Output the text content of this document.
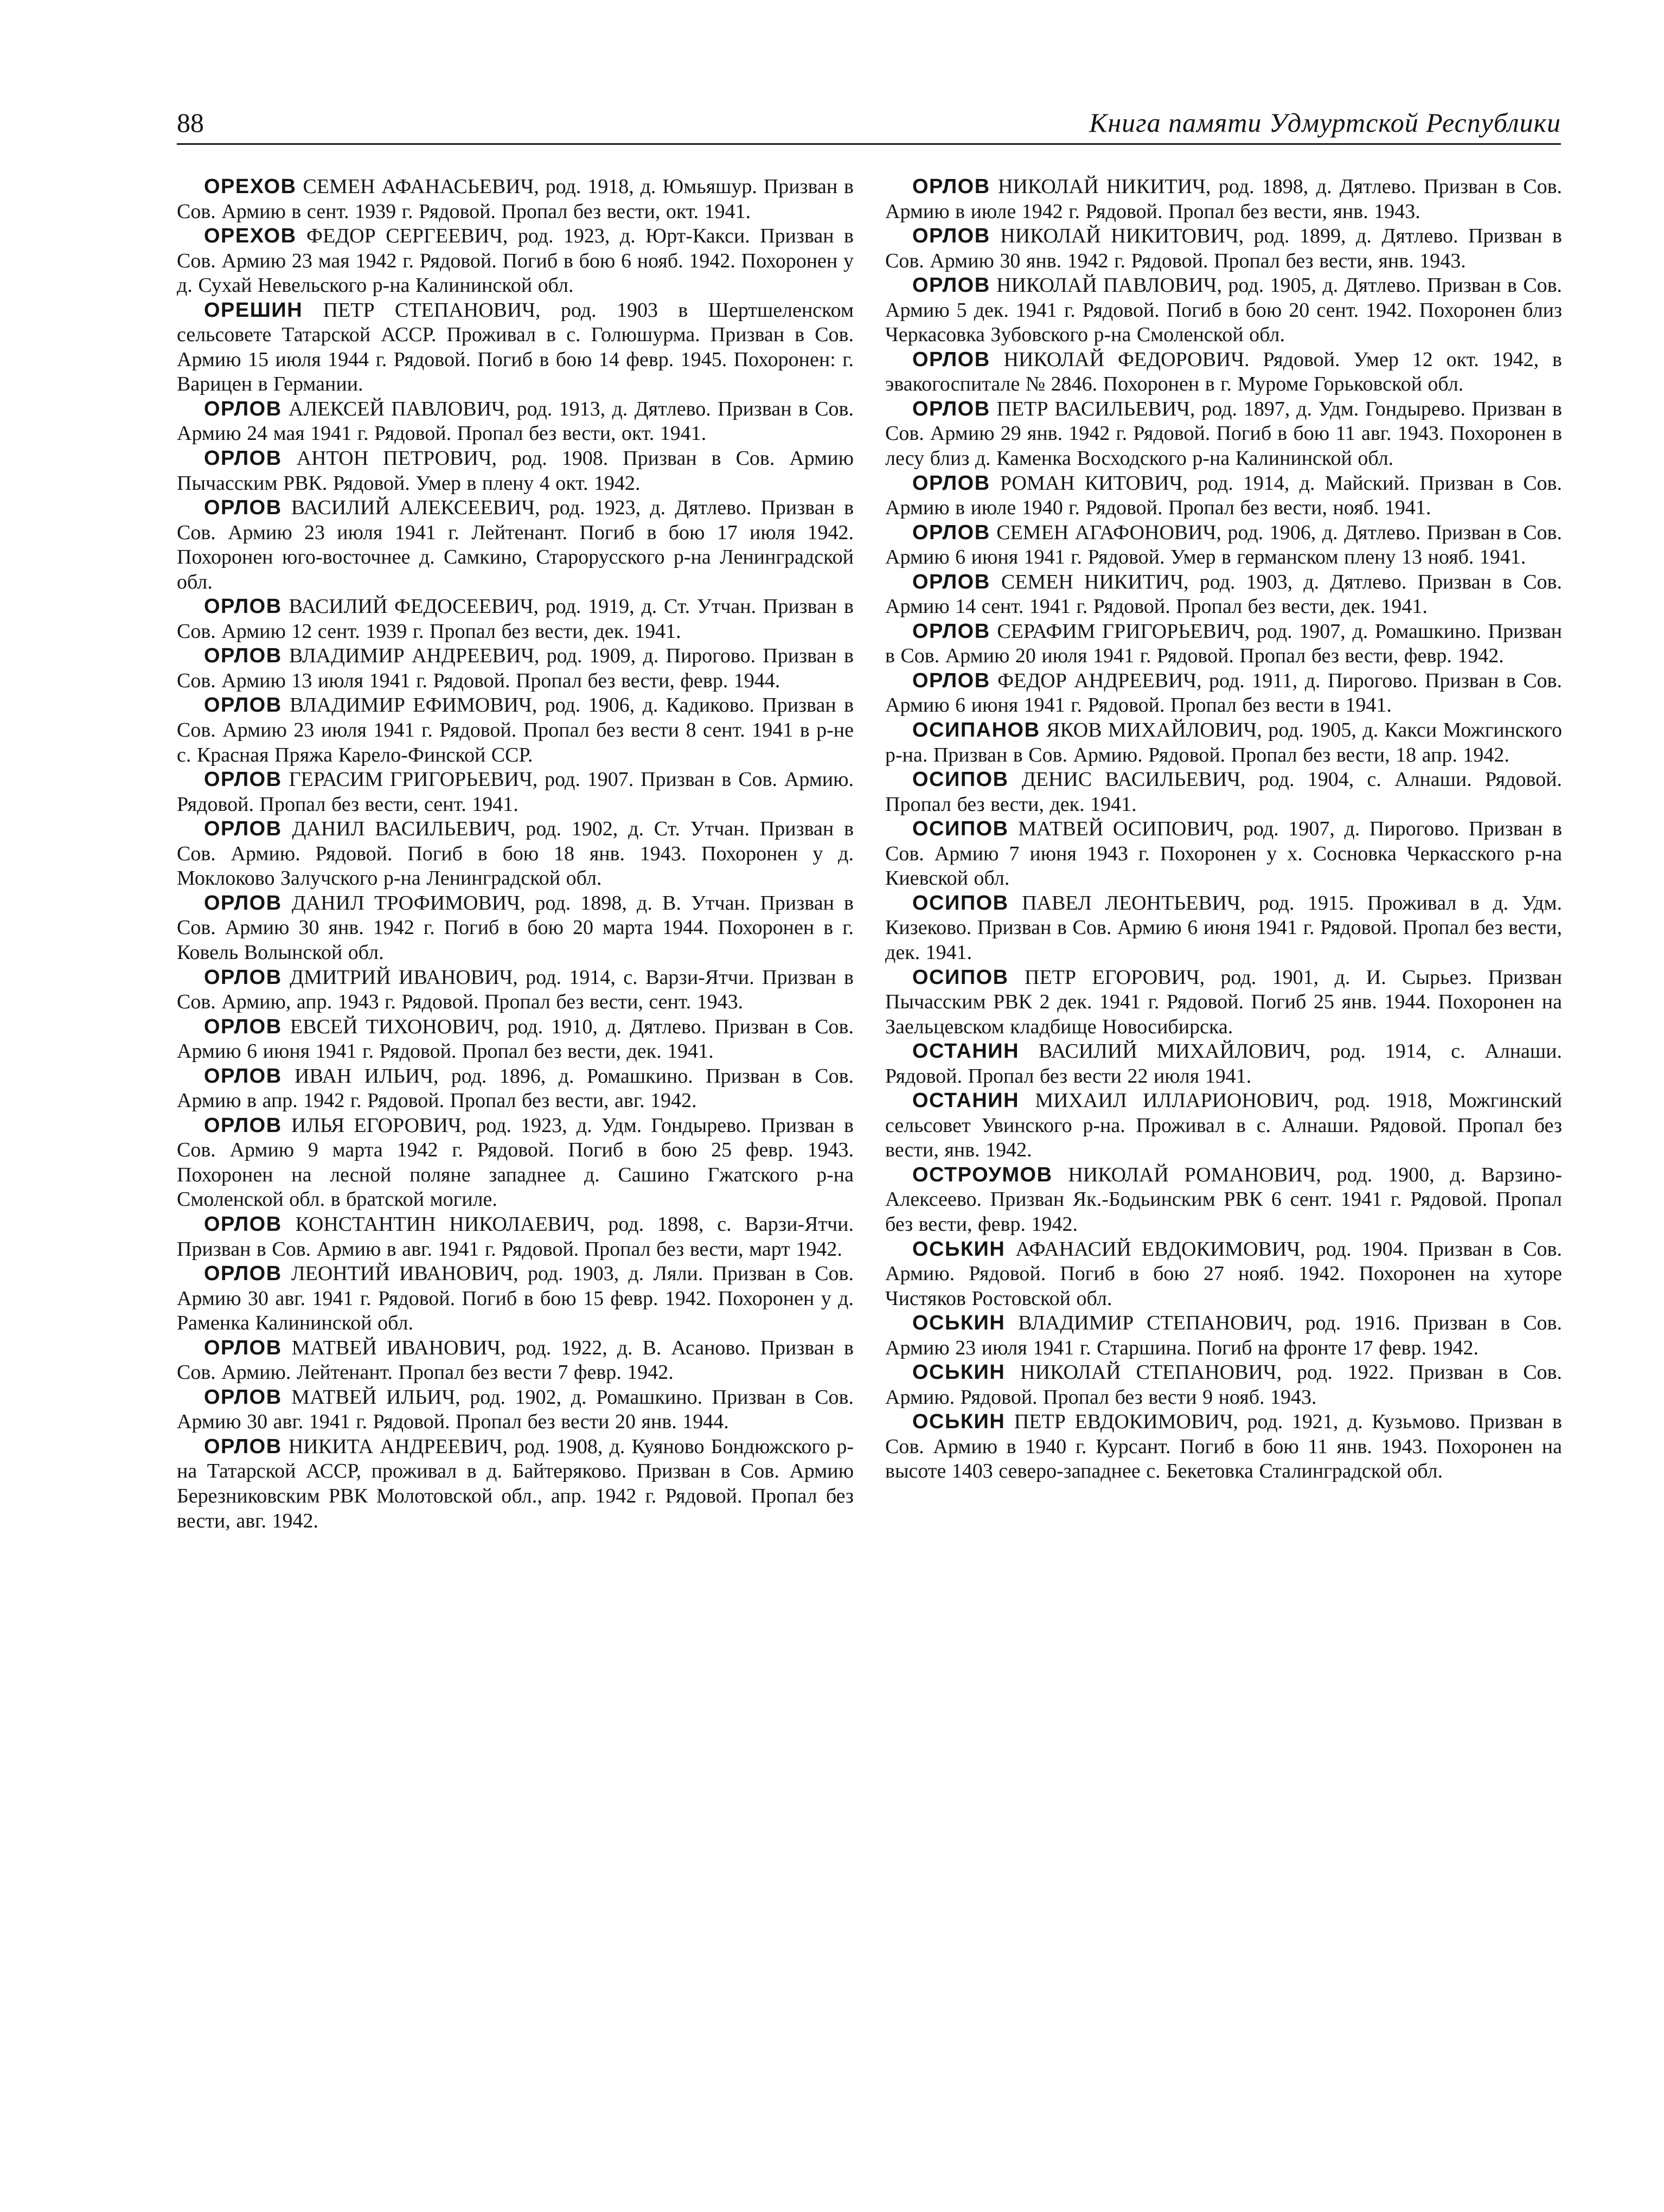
88	Книга памяти Удмуртской Республики

ОРЕХОВ СЕМЕН АФАНАСЬЕВИЧ, род. 1918, д. Юмьяшур. Призван в Сов. Армию в сент. 1939 г. Рядовой. Пропал без вести, окт. 1941.

ОРЕХОВ ФЕДОР СЕРГЕЕВИЧ, род. 1923, д. Юрт-Какси. Призван в Сов. Армию 23 мая 1942 г. Рядовой. Погиб в бою 6 нояб. 1942. Похоронен у д. Сухай Невельского р-на Калининской обл.

ОРЕШИН ПЕТР СТЕПАНОВИЧ, род. 1903 в Шертшеленском сельсовете Татарской АССР. Проживал в с. Голюшурма. Призван в Сов. Армию 15 июля 1944 г. Рядовой. Погиб в бою 14 февр. 1945. Похоронен: г. Варицен в Германии.

ОРЛОВ АЛЕКСЕЙ ПАВЛОВИЧ, род. 1913, д. Дятлево. Призван в Сов. Армию 24 мая 1941 г. Рядовой. Пропал без вести, окт. 1941.

ОРЛОВ АНТОН ПЕТРОВИЧ, род. 1908. Призван в Сов. Армию Пычасским РВК. Рядовой. Умер в плену 4 окт. 1942.

ОРЛОВ ВАСИЛИЙ АЛЕКСЕЕВИЧ, род. 1923, д. Дятлево. Призван в Сов. Армию 23 июля 1941 г. Лейтенант. Погиб в бою 17 июля 1942. Похоронен юго-восточнее д. Самкино, Старорусского р-на Ленинградской обл.

ОРЛОВ ВАСИЛИЙ ФЕДОСЕЕВИЧ, род. 1919, д. Ст. Утчан. Призван в Сов. Армию 12 сент. 1939 г. Пропал без вести, дек. 1941.

ОРЛОВ ВЛАДИМИР АНДРЕЕВИЧ, род. 1909, д. Пирогово. Призван в Сов. Армию 13 июля 1941 г. Рядовой. Пропал без вести, февр. 1944.

ОРЛОВ ВЛАДИМИР ЕФИМОВИЧ, род. 1906, д. Кадиково. Призван в Сов. Армию 23 июля 1941 г. Рядовой. Пропал без вести 8 сент. 1941 в р-не с. Красная Пряжа Карело-Финской ССР.

ОРЛОВ ГЕРАСИМ ГРИГОРЬЕВИЧ, род. 1907. Призван в Сов. Армию. Рядовой. Пропал без вести, сент. 1941.

ОРЛОВ ДАНИЛ ВАСИЛЬЕВИЧ, род. 1902, д. Ст. Утчан. Призван в Сов. Армию. Рядовой. Погиб в бою 18 янв. 1943. Похоронен у д. Моклоково Залучского р-на Ленинградской обл.

ОРЛОВ ДАНИЛ ТРОФИМОВИЧ, род. 1898, д. В. Утчан. Призван в Сов. Армию 30 янв. 1942 г. Погиб в бою 20 марта 1944. Похоронен в г. Ковель Волынской обл.

ОРЛОВ ДМИТРИЙ ИВАНОВИЧ, род. 1914, с. Варзи-Ятчи. Призван в Сов. Армию, апр. 1943 г. Рядовой. Пропал без вести, сент. 1943.

ОРЛОВ ЕВСЕЙ ТИХОНОВИЧ, род. 1910, д. Дятлево. Призван в Сов. Армию 6 июня 1941 г. Рядовой. Пропал без вести, дек. 1941.

ОРЛОВ ИВАН ИЛЬИЧ, род. 1896, д. Ромашкино. Призван в Сов. Армию в апр. 1942 г. Рядовой. Пропал без вести, авг. 1942.

ОРЛОВ ИЛЬЯ ЕГОРОВИЧ, род. 1923, д. Удм. Гондырево. Призван в Сов. Армию 9 марта 1942 г. Рядовой. Погиб в бою 25 февр. 1943. Похоронен на лесной поляне западнее д. Сашино Гжатского р-на Смоленской обл. в братской могиле.

ОРЛОВ КОНСТАНТИН НИКОЛАЕВИЧ, род. 1898, с. Варзи-Ятчи. Призван в Сов. Армию в авг. 1941 г. Рядовой. Пропал без вести, март 1942.

ОРЛОВ ЛЕОНТИЙ ИВАНОВИЧ, род. 1903, д. Ляли. Призван в Сов. Армию 30 авг. 1941 г. Рядовой. Погиб в бою 15 февр. 1942. Похоронен у д. Раменка Калининской обл.

ОРЛОВ МАТВЕЙ ИВАНОВИЧ, род. 1922, д. В. Асаново. Призван в Сов. Армию. Лейтенант. Пропал без вести 7 февр. 1942.

ОРЛОВ МАТВЕЙ ИЛЬИЧ, род. 1902, д. Ромашкино. Призван в Сов. Армию 30 авг. 1941 г. Рядовой. Пропал без вести 20 янв. 1944.

ОРЛОВ НИКИТА АНДРЕЕВИЧ, род. 1908, д. Куяново Бондюжского р-на Татарской АССР, проживал в д. Байтеряково. Призван в Сов. Армию Березниковским РВК Молотовской обл., апр. 1942 г. Рядовой. Пропал без вести, авг. 1942.

ОРЛОВ НИКОЛАЙ НИКИТИЧ, род. 1898, д. Дятлево. Призван в Сов. Армию в июле 1942 г. Рядовой. Пропал без вести, янв. 1943.

ОРЛОВ НИКОЛАЙ НИКИТОВИЧ, род. 1899, д. Дятлево. Призван в Сов. Армию 30 янв. 1942 г. Рядовой. Пропал без вести, янв. 1943.

ОРЛОВ НИКОЛАЙ ПАВЛОВИЧ, род. 1905, д. Дятлево. Призван в Сов. Армию 5 дек. 1941 г. Рядовой. Погиб в бою 20 сент. 1942. Похоронен близ Черкасовка Зубовского р-на Смоленской обл.

ОРЛОВ НИКОЛАЙ ФЕДОРОВИЧ. Рядовой. Умер 12 окт. 1942, в эвакогоспитале № 2846. Похоронен в г. Муроме Горьковской обл.

ОРЛОВ ПЕТР ВАСИЛЬЕВИЧ, род. 1897, д. Удм. Гондырево. Призван в Сов. Армию 29 янв. 1942 г. Рядовой. Погиб в бою 11 авг. 1943. Похоронен в лесу близ д. Каменка Восходского р-на Калининской обл.

ОРЛОВ РОМАН КИТОВИЧ, род. 1914, д. Майский. Призван в Сов. Армию в июле 1940 г. Рядовой. Пропал без вести, нояб. 1941.

ОРЛОВ СЕМЕН АГАФОНОВИЧ, род. 1906, д. Дятлево. Призван в Сов. Армию 6 июня 1941 г. Рядовой. Умер в германском плену 13 нояб. 1941.

ОРЛОВ СЕМЕН НИКИТИЧ, род. 1903, д. Дятлево. Призван в Сов. Армию 14 сент. 1941 г. Рядовой. Пропал без вести, дек. 1941.

ОРЛОВ СЕРАФИМ ГРИГОРЬЕВИЧ, род. 1907, д. Ромашкино. Призван в Сов. Армию 20 июля 1941 г. Рядовой. Пропал без вести, февр. 1942.

ОРЛОВ ФЕДОР АНДРЕЕВИЧ, род. 1911, д. Пирогово. Призван в Сов. Армию 6 июня 1941 г. Рядовой. Пропал без вести в 1941.

ОСИПАНОВ ЯКОВ МИХАЙЛОВИЧ, род. 1905, д. Какси Можгинского р-на. Призван в Сов. Армию. Рядовой. Пропал без вести, 18 апр. 1942.

ОСИПОВ ДЕНИС ВАСИЛЬЕВИЧ, род. 1904, с. Алнаши. Рядовой. Пропал без вести, дек. 1941.

ОСИПОВ МАТВЕЙ ОСИПОВИЧ, род. 1907, д. Пирогово. Призван в Сов. Армию 7 июня 1943 г. Похоронен у х. Сосновка Черкасского р-на Киевской обл.

ОСИПОВ ПАВЕЛ ЛЕОНТЬЕВИЧ, род. 1915. Проживал в д. Удм. Кизеково. Призван в Сов. Армию 6 июня 1941 г. Рядовой. Пропал без вести, дек. 1941.

ОСИПОВ ПЕТР ЕГОРОВИЧ, род. 1901, д. И. Сырьез. Призван Пычасским РВК 2 дек. 1941 г. Рядовой. Погиб 25 янв. 1944. Похоронен на Заельцевском кладбище Новосибирска.

ОСТАНИН ВАСИЛИЙ МИХАЙЛОВИЧ, род. 1914, с. Алнаши. Рядовой. Пропал без вести 22 июля 1941.

ОСТАНИН МИХАИЛ ИЛЛАРИОНОВИЧ, род. 1918, Можгинский сельсовет Увинского р-на. Проживал в с. Алнаши. Рядовой. Пропал без вести, янв. 1942.

ОСТРОУМОВ НИКОЛАЙ РОМАНОВИЧ, род. 1900, д. Варзино-Алексеево. Призван Як.-Бодьинским РВК 6 сент. 1941 г. Рядовой. Пропал без вести, февр. 1942.

ОСЬКИН АФАНАСИЙ ЕВДОКИМОВИЧ, род. 1904. Призван в Сов. Армию. Рядовой. Погиб в бою 27 нояб. 1942. Похоронен на хуторе Чистяков Ростовской обл.

ОСЬКИН ВЛАДИМИР СТЕПАНОВИЧ, род. 1916. Призван в Сов. Армию 23 июля 1941 г. Старшина. Погиб на фронте 17 февр. 1942.

ОСЬКИН НИКОЛАЙ СТЕПАНОВИЧ, род. 1922. Призван в Сов. Армию. Рядовой. Пропал без вести 9 нояб. 1943.

ОСЬКИН ПЕТР ЕВДОКИМОВИЧ, род. 1921, д. Кузьмово. Призван в Сов. Армию в 1940 г. Курсант. Погиб в бою 11 янв. 1943. Похоронен на высоте 1403 северо-западнее с. Бекетовка Сталинградской обл.
